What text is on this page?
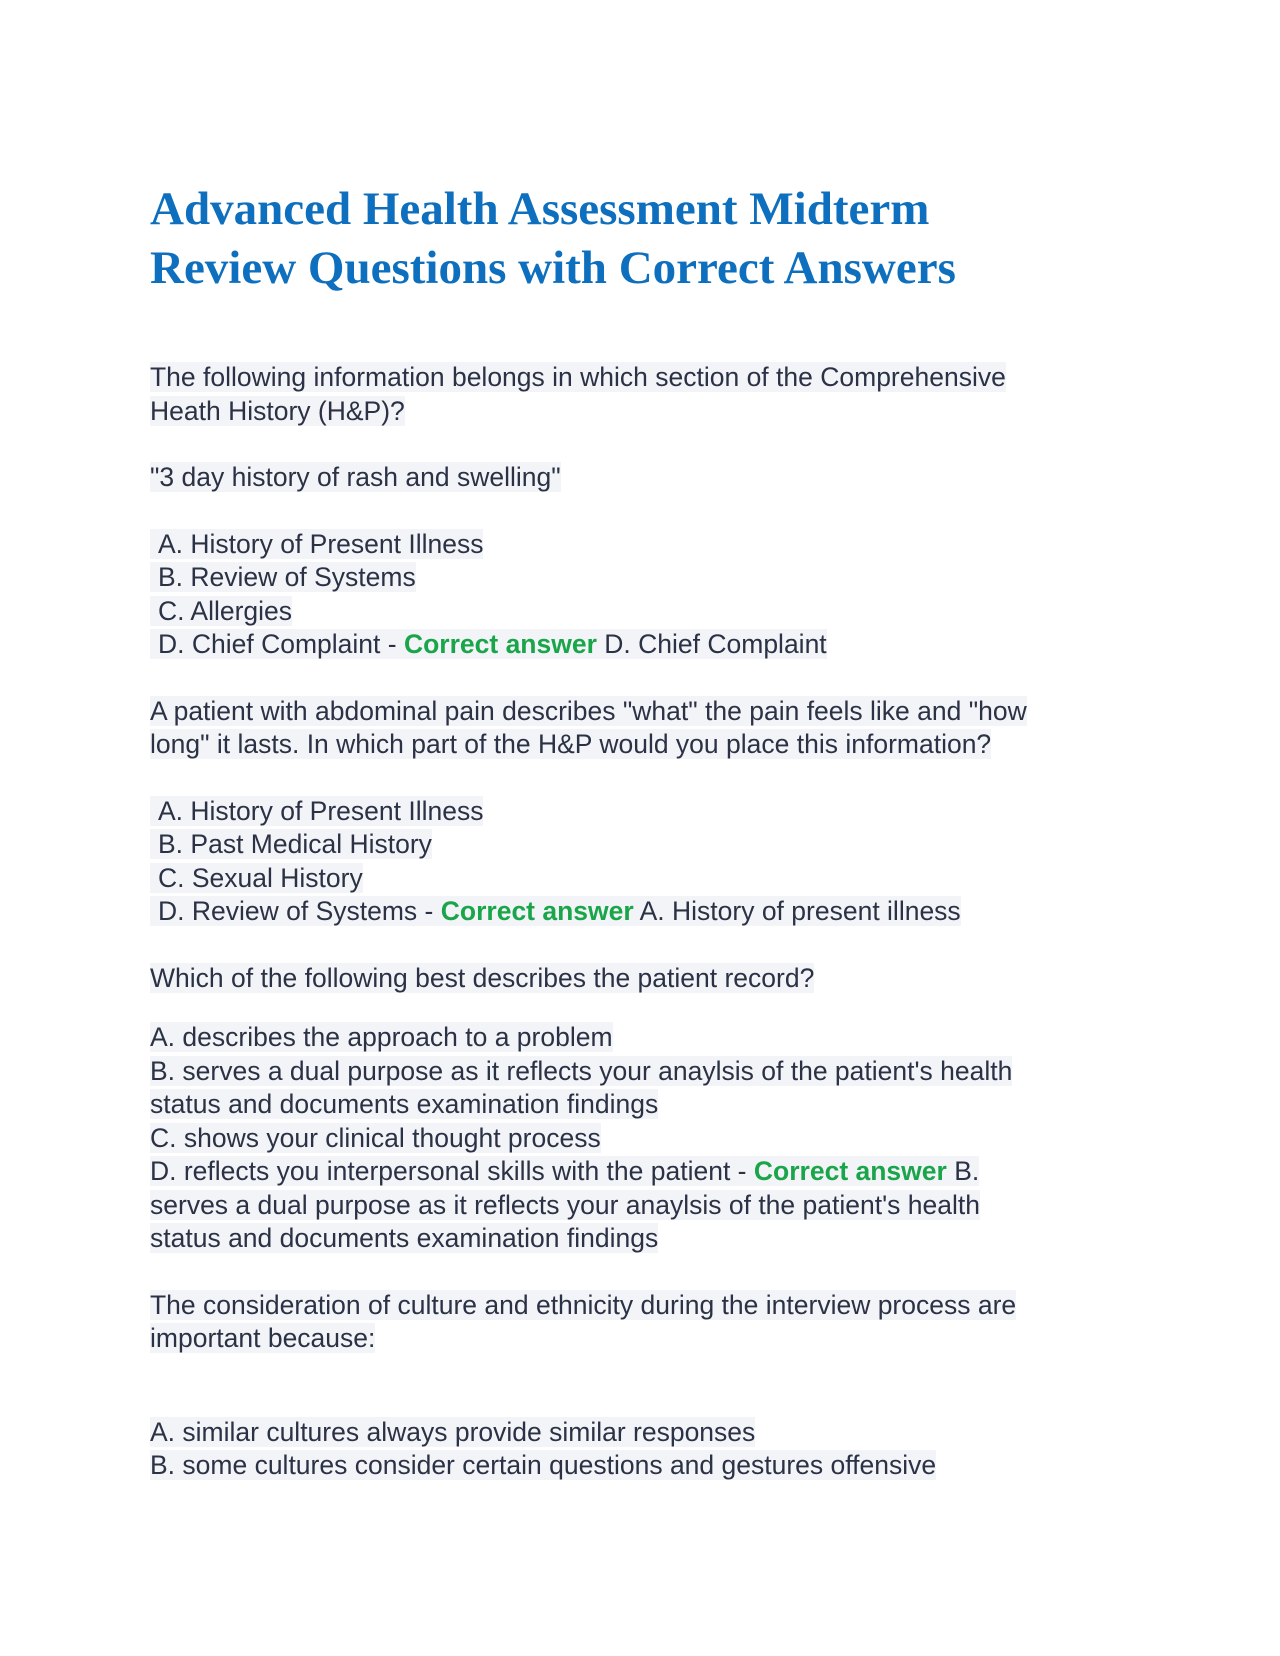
Advanced Health Assessment Midterm
Review Questions with Correct Answers

The following information belongs in which section of the Comprehensive
Heath History (H&P)?

"3 day history of rash and swelling"

A. History of Present Illness
B. Review of Systems
C. Allergies
D. Chief Complaint - Correct answer D. Chief Complaint

A patient with abdominal pain describes "what" the pain feels like and "how
long" it lasts. In which part of the H&P would you place this information?

A. History of Present Illness
B. Past Medical History
C. Sexual History
D. Review of Systems - Correct answer A. History of present illness

Which of the following best describes the patient record?

A. describes the approach to a problem
B. serves a dual purpose as it reflects your anaylsis of the patient's health
status and documents examination findings
C. shows your clinical thought process
D. reflects you interpersonal skills with the patient - Correct answer B.
serves a dual purpose as it reflects your anaylsis of the patient's health
status and documents examination findings

The consideration of culture and ethnicity during the interview process are
important because:

A. similar cultures always provide similar responses
B. some cultures consider certain questions and gestures offensive
